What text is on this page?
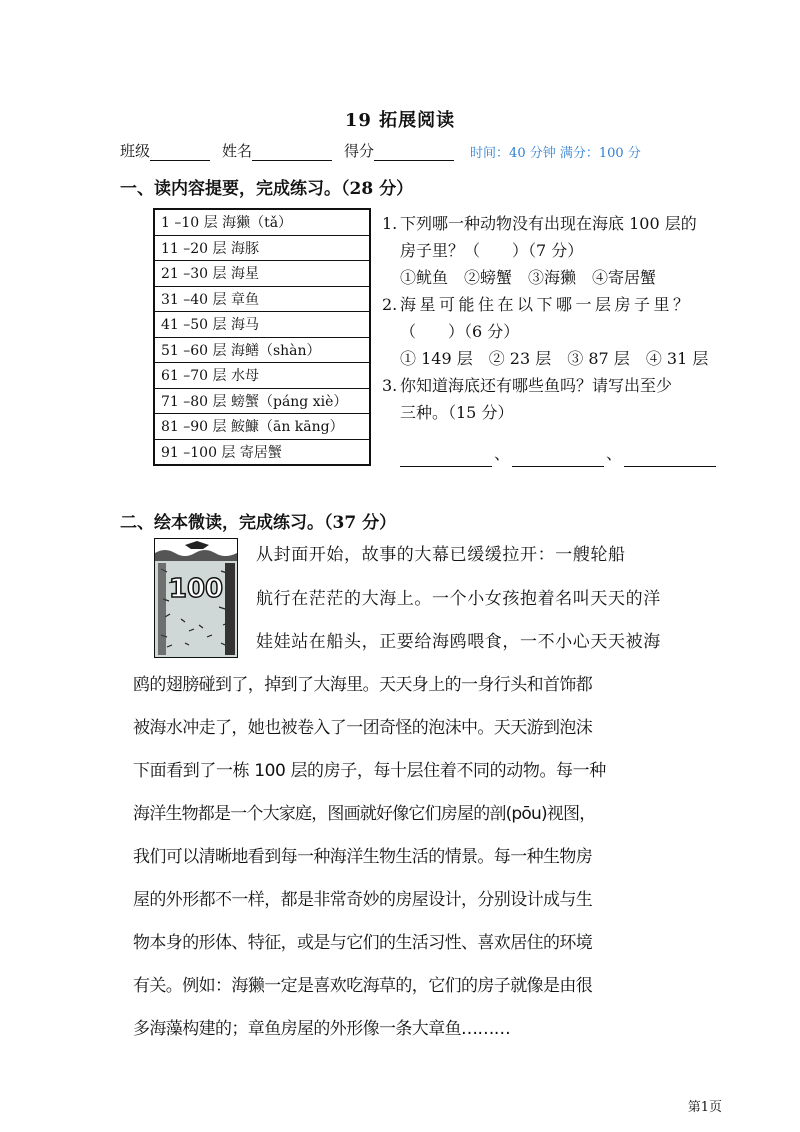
19 拓展阅读
班级	姓名	得分	时间：40 分钟 满分：100 分
一、读内容提要，完成练习。（28 分）
1 –10 层 海獭（tǎ）
11 –20 层 海豚
21 –30 层 海星
31 –40 层 章鱼
41 –50 层 海马
51 –60 层 海鳝（shàn）
61 –70 层 水母
71 –80 层 螃蟹（páng xiè）
81 –90 层 鮟鱇（ān kāng）
91 –100 层 寄居蟹
1. 下列哪一种动物没有出现在海底 100 层的
房子里？（　　）（7 分）
①鱿鱼 ②螃蟹 ③海獭 ④寄居蟹
2. 海星可能住在以下哪一层房子里？
（　　）（6 分）
① 149 层 ② 23 层 ③ 87 层 ④ 31 层
3. 你知道海底还有哪些鱼吗？请写出至少
三种。（15 分）
、	、
二、绘本微读，完成练习。（37 分）
100
从封面开始，故事的大幕已缓缓拉开：一艘轮船
航行在茫茫的大海上。一个小女孩抱着名叫天天的洋
娃娃站在船头，正要给海鸥喂食，一不小心天天被海
鸥的翅膀碰到了，掉到了大海里。天天身上的一身行头和首饰都
被海水冲走了，她也被卷入了一团奇怪的泡沫中。天天游到泡沫
下面看到了一栋 100 层的房子，每十层住着不同的动物。每一种
海洋生物都是一个大家庭，图画就好像它们房屋的剖(pōu)视图，
我们可以清晰地看到每一种海洋生物生活的情景。每一种生物房
屋的外形都不一样，都是非常奇妙的房屋设计，分别设计成与生
物本身的形体、特征，或是与它们的生活习性、喜欢居住的环境
有关。例如：海獭一定是喜欢吃海草的，它们的房子就像是由很
多海藻构建的；章鱼房屋的外形像一条大章鱼………
第1页
